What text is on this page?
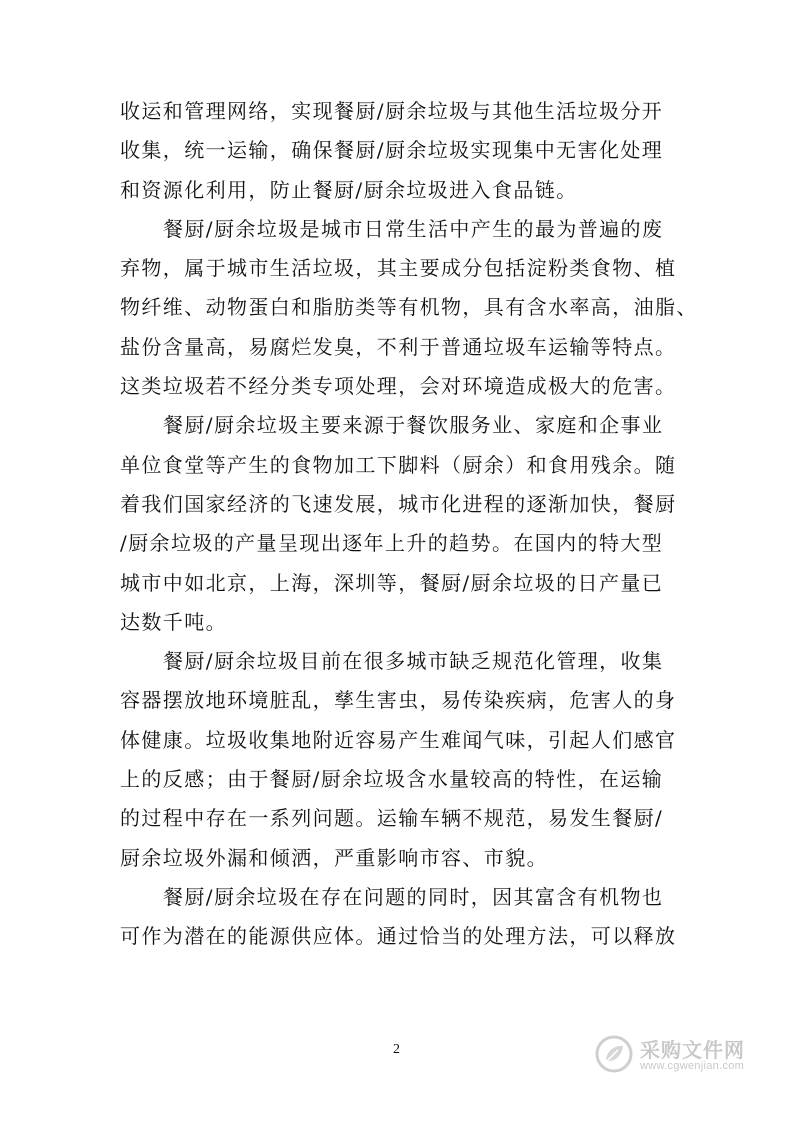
收运和管理网络，实现餐厨/厨余垃圾与其他生活垃圾分开
收集，统一运输，确保餐厨/厨余垃圾实现集中无害化处理
和资源化利用，防止餐厨/厨余垃圾进入食品链。

餐厨/厨余垃圾是城市日常生活中产生的最为普遍的废
弃物，属于城市生活垃圾，其主要成分包括淀粉类食物、植
物纤维、动物蛋白和脂肪类等有机物，具有含水率高，油脂、
盐份含量高，易腐烂发臭，不利于普通垃圾车运输等特点。
这类垃圾若不经分类专项处理，会对环境造成极大的危害。

餐厨/厨余垃圾主要来源于餐饮服务业、家庭和企事业
单位食堂等产生的食物加工下脚料（厨余）和食用残余。随
着我们国家经济的飞速发展，城市化进程的逐渐加快，餐厨
/厨余垃圾的产量呈现出逐年上升的趋势。在国内的特大型
城市中如北京，上海，深圳等，餐厨/厨余垃圾的日产量已
达数千吨。

餐厨/厨余垃圾目前在很多城市缺乏规范化管理，收集
容器摆放地环境脏乱，孳生害虫，易传染疾病，危害人的身
体健康。垃圾收集地附近容易产生难闻气味，引起人们感官
上的反感；由于餐厨/厨余垃圾含水量较高的特性，在运输
的过程中存在一系列问题。运输车辆不规范，易发生餐厨/
厨余垃圾外漏和倾洒，严重影响市容、市貌。

餐厨/厨余垃圾在存在问题的同时，因其富含有机物也
可作为潜在的能源供应体。通过恰当的处理方法，可以释放

2	采购文件网
www.cgwenjian.com
